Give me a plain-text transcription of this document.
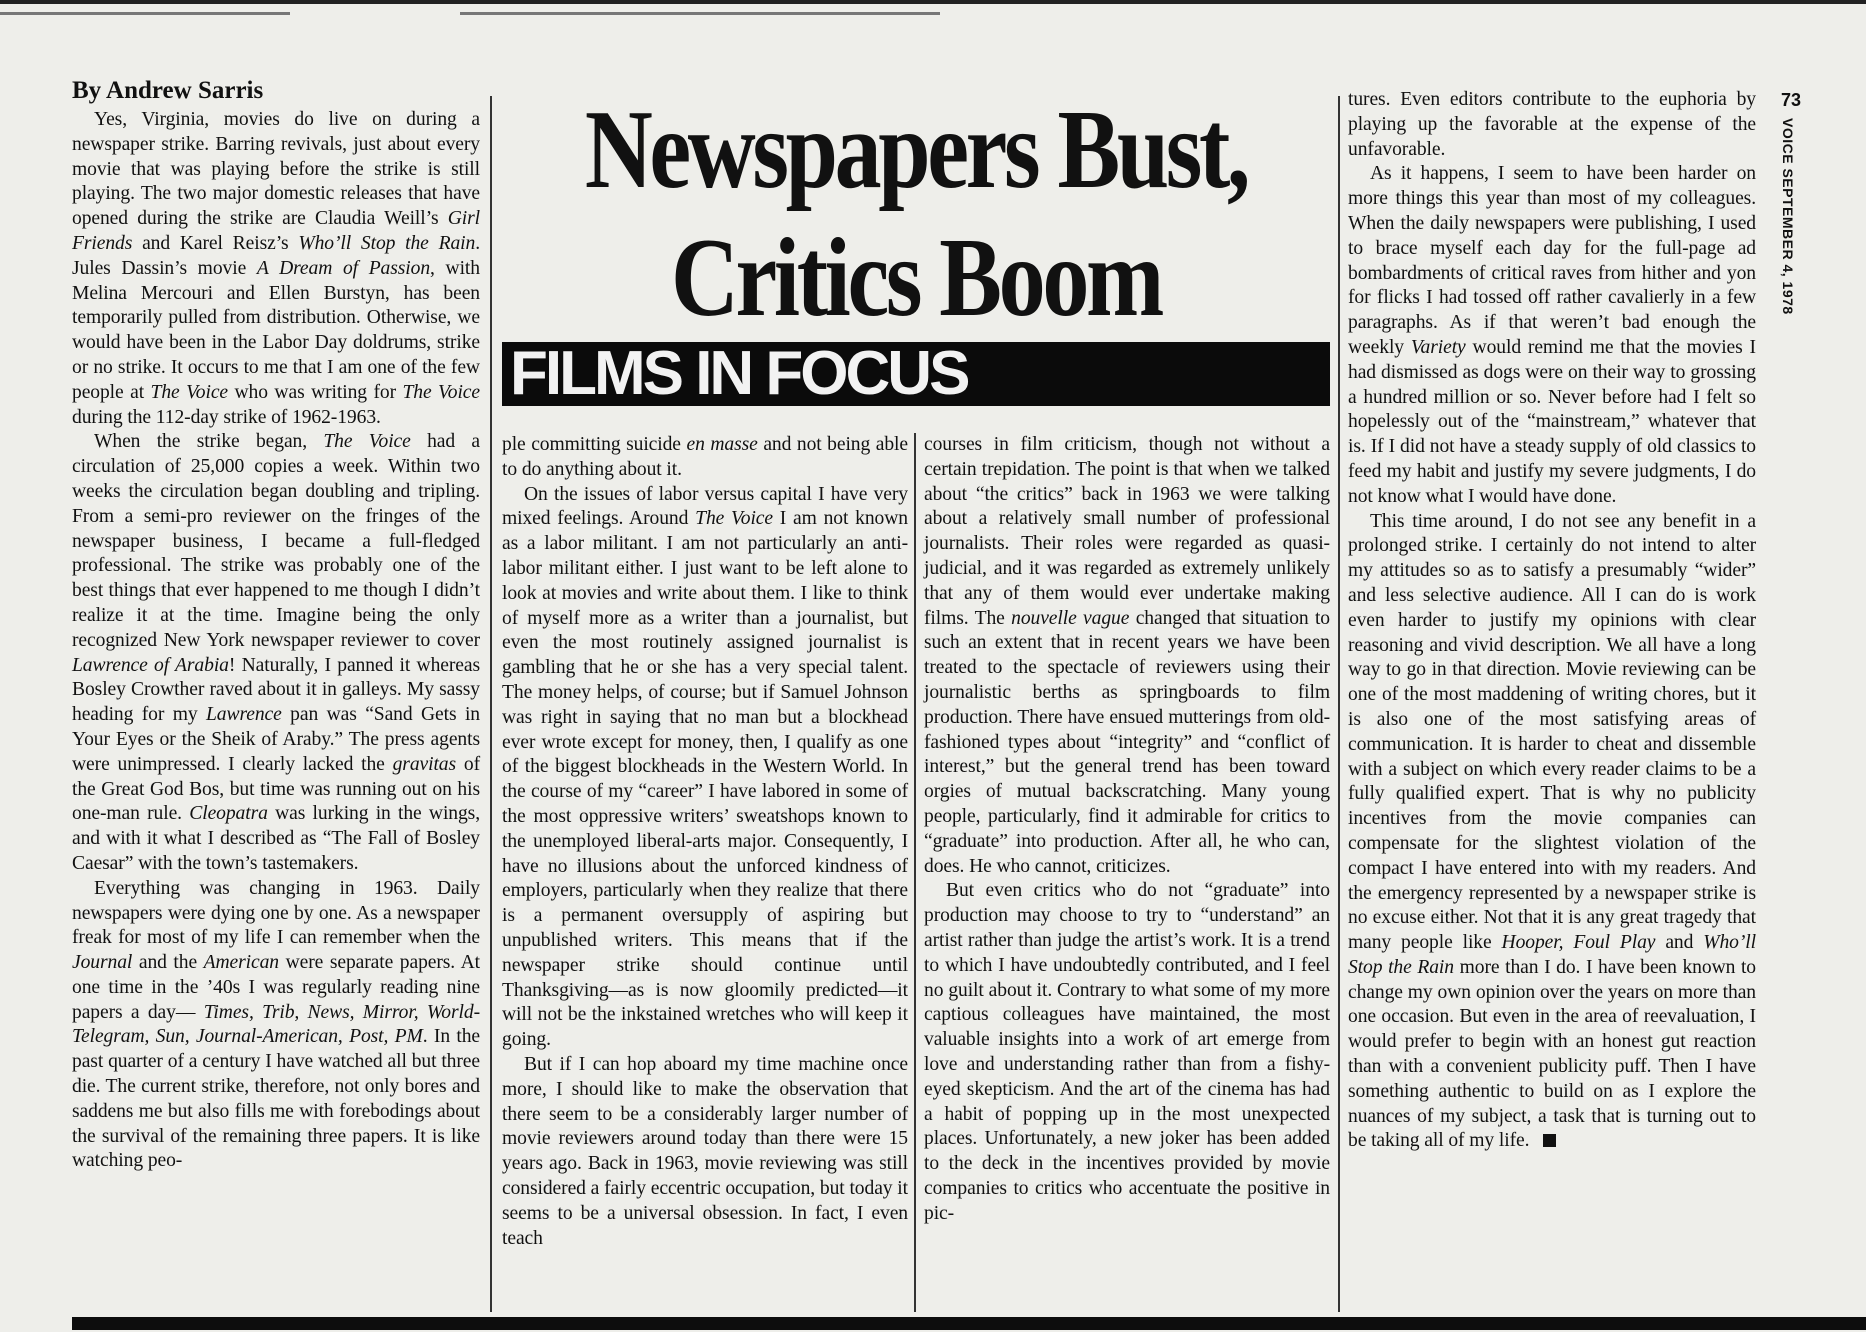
By Andrew Sarris

Yes, Virginia, movies do live on during a newspaper strike. Barring revivals, just about every movie that was playing before the strike is still playing. The two major domestic releases that have opened during the strike are Claudia Weill’s Girl Friends and Karel Reisz’s Who’ll Stop the Rain. Jules Dassin’s movie A Dream of Passion, with Melina Mercouri and Ellen Burstyn, has been temporarily pulled from distribution. Otherwise, we would have been in the Labor Day doldrums, strike or no strike. It occurs to me that I am one of the few people at The Voice who was writing for The Voice during the 112-day strike of 1962-1963.

When the strike began, The Voice had a circulation of 25,000 copies a week. Within two weeks the circulation began doubling and tripling. From a semi-pro reviewer on the fringes of the newspaper business, I became a full-fledged professional. The strike was probably one of the best things that ever happened to me though I didn’t realize it at the time. Imagine being the only recognized New York newspaper reviewer to cover Lawrence of Arabia! Naturally, I panned it whereas Bosley Crowther raved about it in galleys. My sassy heading for my Lawrence pan was “Sand Gets in Your Eyes or the Sheik of Araby.” The press agents were unimpressed. I clearly lacked the gravitas of the Great God Bos, but time was running out on his one-man rule. Cleopatra was lurking in the wings, and with it what I described as “The Fall of Bosley Caesar” with the town’s tastemakers.

Everything was changing in 1963. Daily newspapers were dying one by one. As a newspaper freak for most of my life I can remember when the Journal and the American were separate papers. At one time in the ’40s I was regularly reading nine papers a day— Times, Trib, News, Mirror, World-Telegram, Sun, Journal-American, Post, PM. In the past quarter of a century I have watched all but three die. The current strike, therefore, not only bores and saddens me but also fills me with forebodings about the survival of the remaining three papers. It is like watching peo-

Newspapers Bust,
Critics Boom
FILMS IN FOCUS

ple committing suicide en masse and not being able to do anything about it.

On the issues of labor versus capital I have very mixed feelings. Around The Voice I am not known as a labor militant. I am not particularly an anti-labor militant either. I just want to be left alone to look at movies and write about them. I like to think of myself more as a writer than a journalist, but even the most routinely assigned journalist is gambling that he or she has a very special talent. The money helps, of course; but if Samuel Johnson was right in saying that no man but a blockhead ever wrote except for money, then, I qualify as one of the biggest blockheads in the Western World. In the course of my “career” I have labored in some of the most oppressive writers’ sweatshops known to the unemployed liberal-arts major. Consequently, I have no illusions about the unforced kindness of employers, particularly when they realize that there is a permanent oversupply of aspiring but unpublished writers. This means that if the newspaper strike should continue until Thanksgiving—as is now gloomily predicted—it will not be the inkstained wretches who will keep it going.

But if I can hop aboard my time machine once more, I should like to make the observation that there seem to be a considerably larger number of movie reviewers around today than there were 15 years ago. Back in 1963, movie reviewing was still considered a fairly eccentric occupation, but today it seems to be a universal obsession. In fact, I even teach

courses in film criticism, though not without a certain trepidation. The point is that when we talked about “the critics” back in 1963 we were talking about a relatively small number of professional journalists. Their roles were regarded as quasi-judicial, and it was regarded as extremely unlikely that any of them would ever undertake making films. The nouvelle vague changed that situation to such an extent that in recent years we have been treated to the spectacle of reviewers using their journalistic berths as springboards to film production. There have ensued mutterings from old-fashioned types about “integrity” and “conflict of interest,” but the general trend has been toward orgies of mutual backscratching. Many young people, particularly, find it admirable for critics to “graduate” into production. After all, he who can, does. He who cannot, criticizes.

But even critics who do not “graduate” into production may choose to try to “understand” an artist rather than judge the artist’s work. It is a trend to which I have undoubtedly contributed, and I feel no guilt about it. Contrary to what some of my more captious colleagues have maintained, the most valuable insights into a work of art emerge from love and understanding rather than from a fishy-eyed skepticism. And the art of the cinema has had a habit of popping up in the most unexpected places. Unfortunately, a new joker has been added to the deck in the incentives provided by movie companies to critics who accentuate the positive in pic-

tures. Even editors contribute to the euphoria by playing up the favorable at the expense of the unfavorable.

As it happens, I seem to have been harder on more things this year than most of my colleagues. When the daily newspapers were publishing, I used to brace myself each day for the full-page ad bombardments of critical raves from hither and yon for flicks I had tossed off rather cavalierly in a few paragraphs. As if that weren’t bad enough the weekly Variety would remind me that the movies I had dismissed as dogs were on their way to grossing a hundred million or so. Never before had I felt so hopelessly out of the “mainstream,” whatever that is. If I did not have a steady supply of old classics to feed my habit and justify my severe judgments, I do not know what I would have done.

This time around, I do not see any benefit in a prolonged strike. I certainly do not intend to alter my attitudes so as to satisfy a presumably “wider” and less selective audience. All I can do is work even harder to justify my opinions with clear reasoning and vivid description. We all have a long way to go in that direction. Movie reviewing can be one of the most maddening of writing chores, but it is also one of the most satisfying areas of communication. It is harder to cheat and dissemble with a subject on which every reader claims to be a fully qualified expert. That is why no publicity incentives from the movie companies can compensate for the slightest violation of the compact I have entered into with my readers. And the emergency represented by a newspaper strike is no excuse either. Not that it is any great tragedy that many people like Hooper, Foul Play and Who’ll Stop the Rain more than I do. I have been known to change my own opinion over the years on more than one occasion. But even in the area of reevaluation, I would prefer to begin with an honest gut reaction than with a convenient publicity puff. Then I have something authentic to build on as I explore the nuances of my subject, a task that is turning out to be taking all of my life.

73
VOICE SEPTEMBER 4, 1978
